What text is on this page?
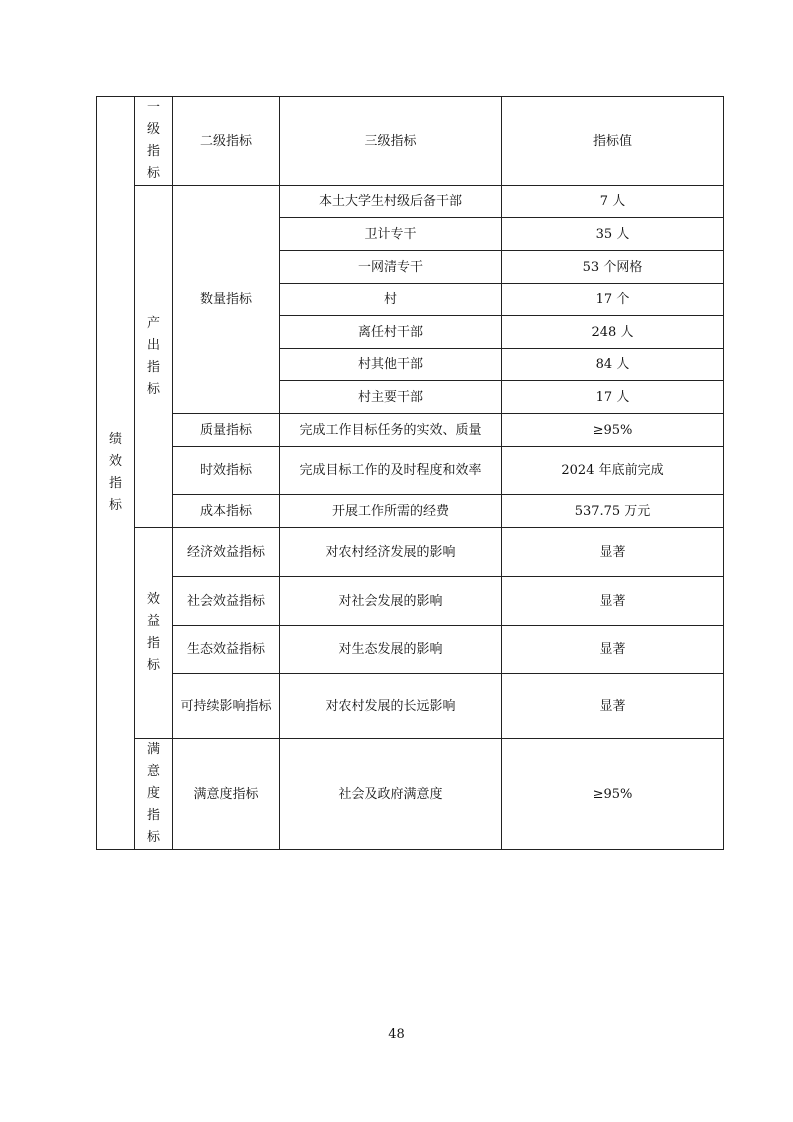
绩效指标	一级指标	二级指标	三级指标	指标值
	产出指标	数量指标	本土大学生村级后备干部	7 人
			卫计专干	35 人
			一网清专干	53 个网格
			村	17 个
			离任村干部	248 人
			村其他干部	84 人
			村主要干部	17 人
		质量指标	完成工作目标任务的实效、质量	≥95%
		时效指标	完成目标工作的及时程度和效率	2024 年底前完成
		成本指标	开展工作所需的经费	537.75 万元
	效益指标	经济效益指标	对农村经济发展的影响	显著
		社会效益指标	对社会发展的影响	显著
		生态效益指标	对生态发展的影响	显著
		可持续影响指标	对农村发展的长远影响	显著
	满意度指标	满意度指标	社会及政府满意度	≥95%
48
